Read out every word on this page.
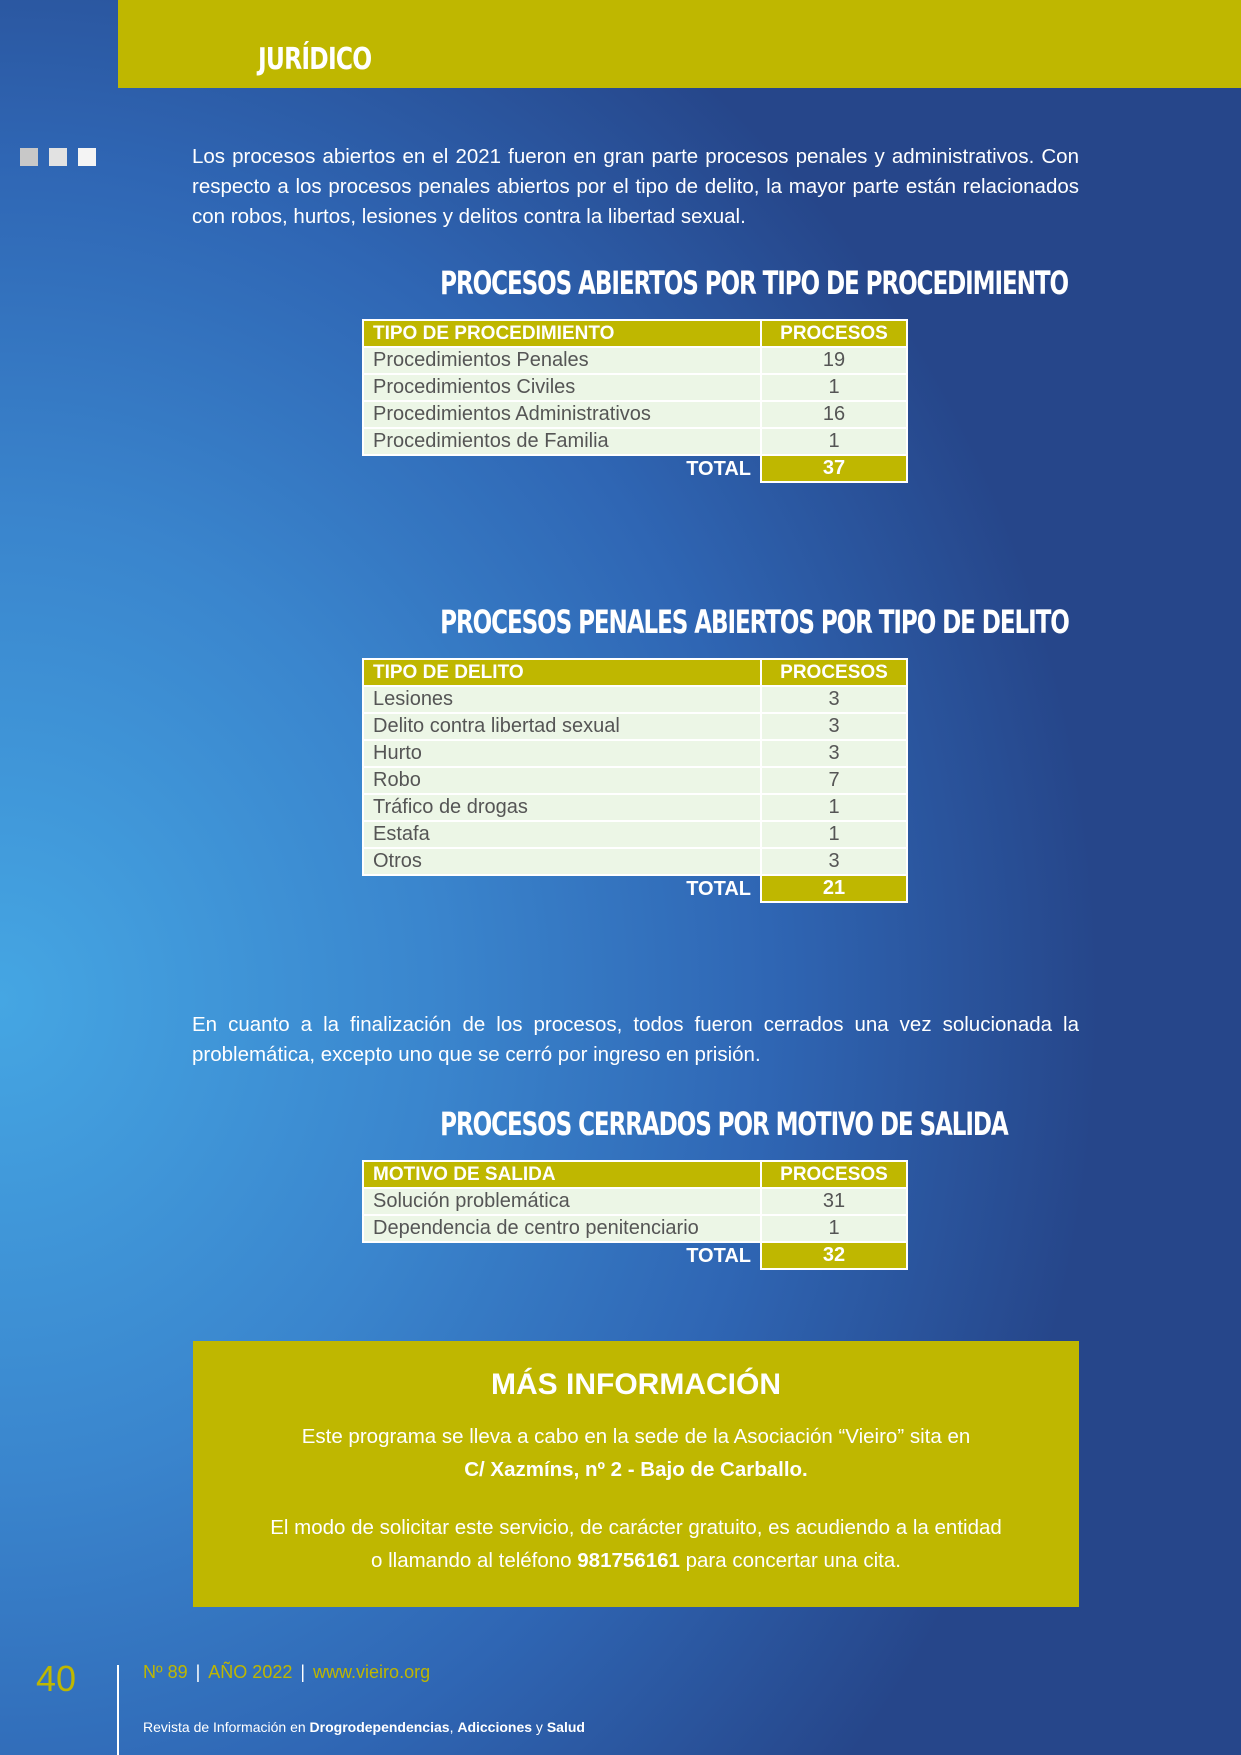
JURÍDICO
Los procesos abiertos en el 2021 fueron en gran parte procesos penales y administrativos. Con respecto a los procesos penales abiertos por el tipo de delito, la mayor parte están relacionados con robos, hurtos, lesiones y delitos contra la libertad sexual.
PROCESOS ABIERTOS POR TIPO DE PROCEDIMIENTO
TIPO DE PROCEDIMIENTO	PROCESOS
Procedimientos Penales	19
Procedimientos Civiles	1
Procedimientos Administrativos	16
Procedimientos de Familia	1
TOTAL	37
PROCESOS PENALES ABIERTOS POR TIPO DE DELITO
TIPO DE DELITO	PROCESOS
Lesiones	3
Delito contra libertad sexual	3
Hurto	3
Robo	7
Tráfico de drogas	1
Estafa	1
Otros	3
TOTAL	21
En cuanto a la finalización de los procesos, todos fueron cerrados una vez solucionada la problemática, excepto uno que se cerró por ingreso en prisión.
PROCESOS CERRADOS POR MOTIVO DE SALIDA
MOTIVO DE SALIDA	PROCESOS
Solución problemática	31
Dependencia de centro penitenciario	1
TOTAL	32
MÁS INFORMACIÓN
Este programa se lleva a cabo en la sede de la Asociación “Vieiro” sita en
C/ Xazmíns, nº 2 - Bajo de Carballo.
El modo de solicitar este servicio, de carácter gratuito, es acudiendo a la entidad
o llamando al teléfono 981756161 para concertar una cita.
40	Nº 89 | AÑO 2022 | www.vieiro.org
Revista de Información en Drogrodependencias, Adicciones y Salud
